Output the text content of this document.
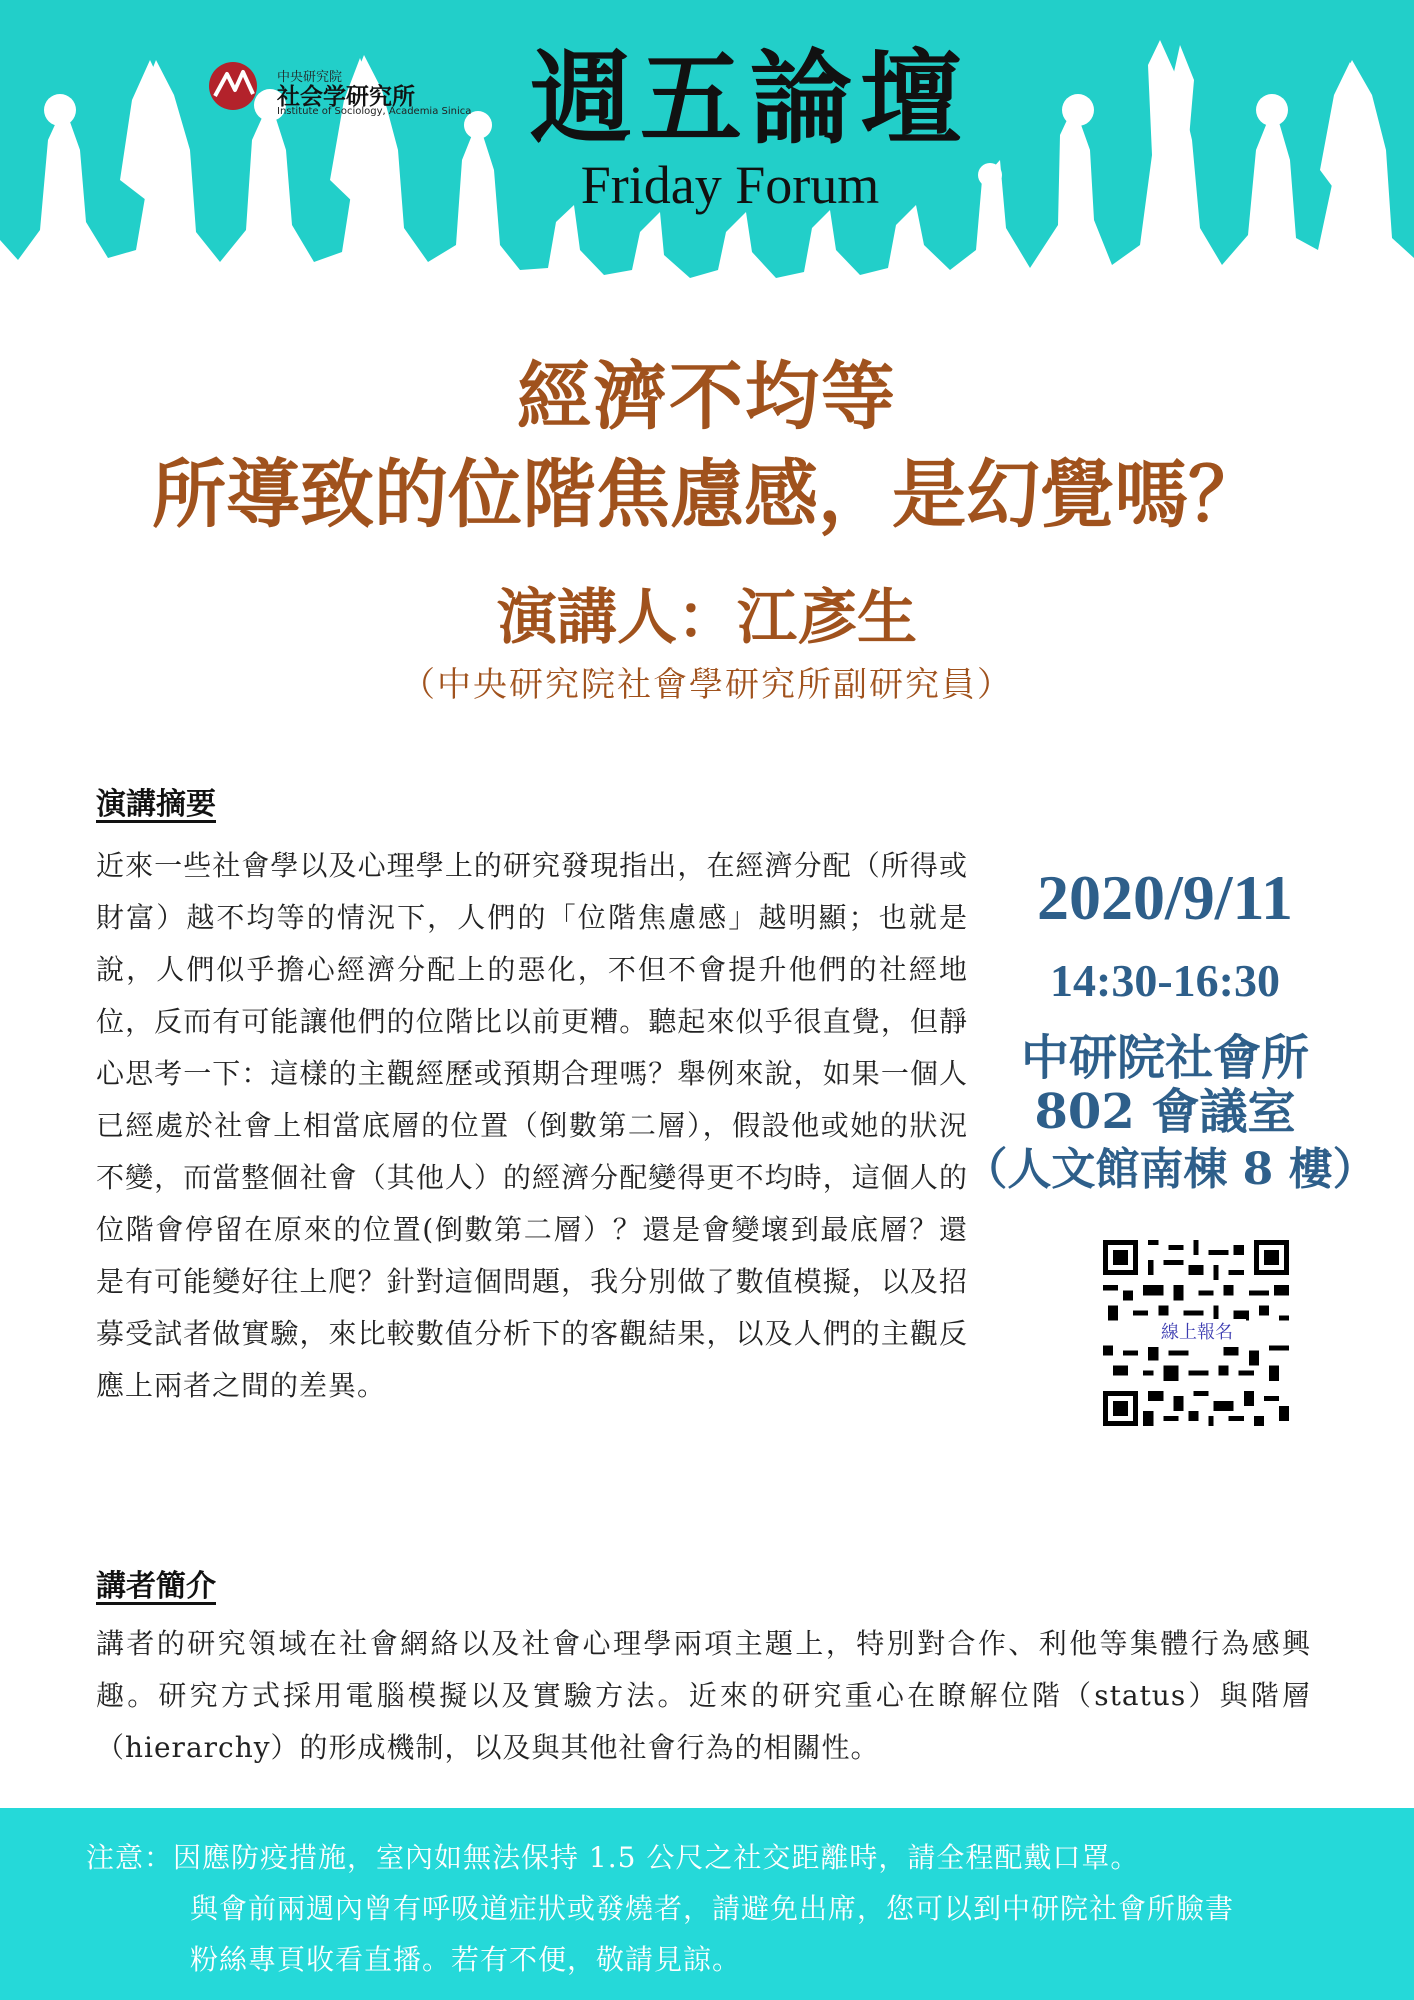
中央研究院
社会学研究所
Institute of Sociology, Academia Sinica 週五論壇
Friday Forum
經濟不均等
所導致的位階焦慮感，是幻覺嗎？
演講人：江彥生
（中央研究院社會學研究所副研究員）
演講摘要
近來一些社會學以及心理學上的研究發現指出，在經濟分配（所得或財富）越不均等的情況下，人們的「位階焦慮感」越明顯；也就是說，人們似乎擔心經濟分配上的惡化，不但不會提升他們的社經地位，反而有可能讓他們的位階比以前更糟。聽起來似乎很直覺，但靜心思考一下：這樣的主觀經歷或預期合理嗎？舉例來說，如果一個人已經處於社會上相當底層的位置（倒數第二層），假設他或她的狀況不變，而當整個社會（其他人）的經濟分配變得更不均時，這個人的位階會停留在原來的位置(倒數第二層）？還是會變壞到最底層？還是有可能變好往上爬？針對這個問題，我分別做了數值模擬，以及招募受試者做實驗，來比較數值分析下的客觀結果，以及人們的主觀反應上兩者之間的差異。
2020/9/11
14:30-16:30
中研院社會所
802 會議室
（人文館南棟 8 樓）
線上報名
講者簡介
講者的研究領域在社會網絡以及社會心理學兩項主題上，特別對合作、利他等集體行為感興趣。研究方式採用電腦模擬以及實驗方法。近來的研究重心在瞭解位階（status）與階層 （hierarchy）的形成機制，以及與其他社會行為的相關性。
注意：因應防疫措施，室內如無法保持 1.5 公尺之社交距離時，請全程配戴口罩。
與會前兩週內曾有呼吸道症狀或發燒者，請避免出席，您可以到中研院社會所臉書
粉絲專頁收看直播。若有不便，敬請見諒。
